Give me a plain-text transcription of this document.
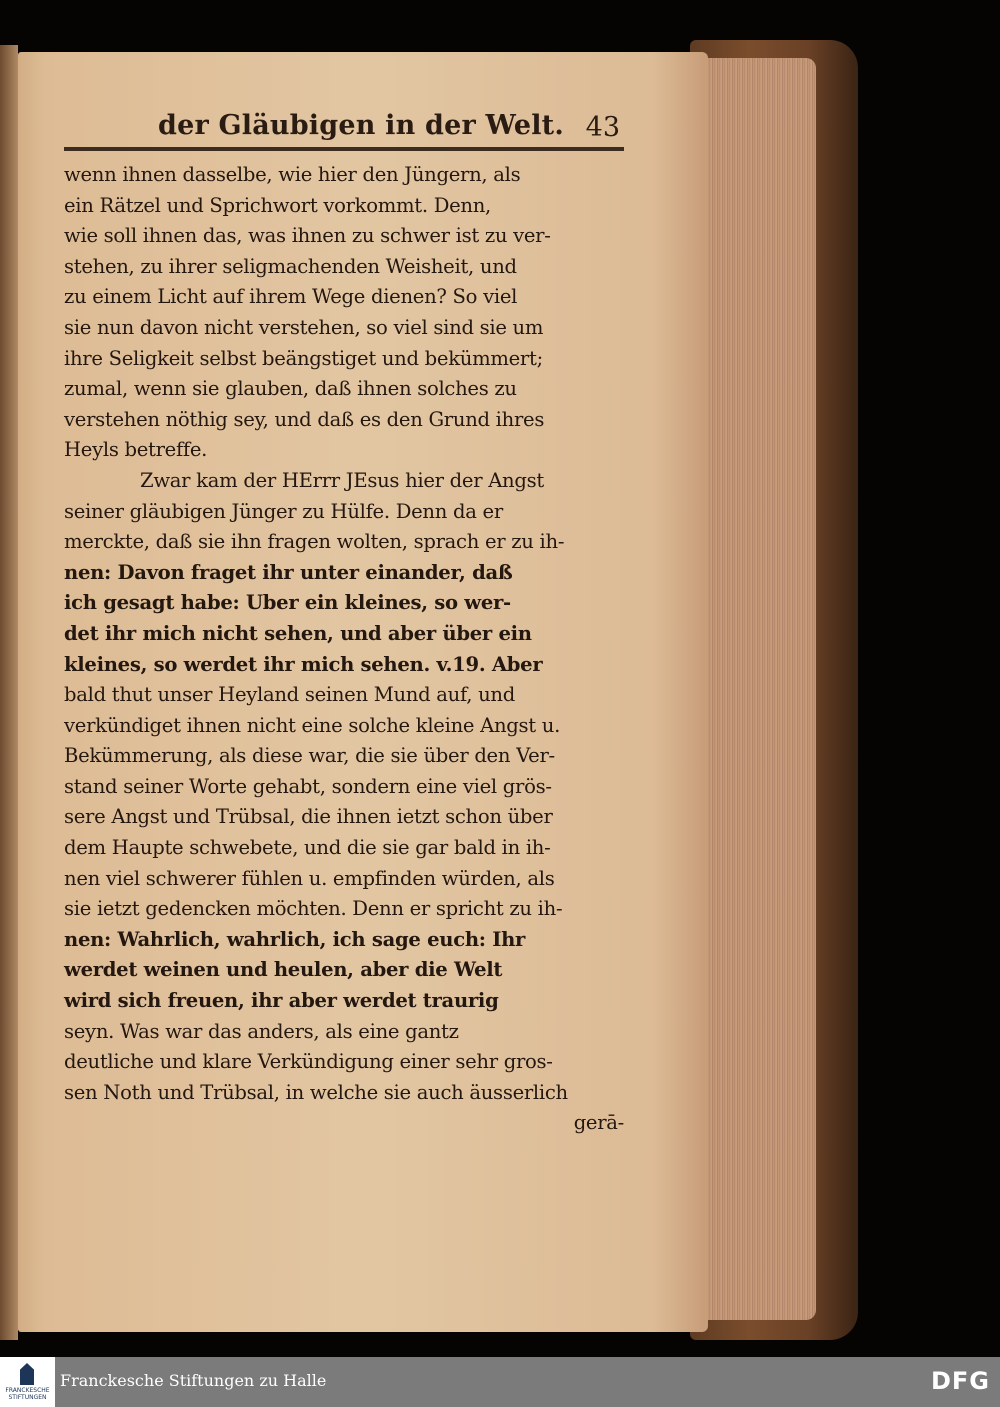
der Gläubigen in der Welt. 43
wenn ihnen dasselbe, wie hier den Jüngern, als
ein Rätzel und Sprichwort vorkommt. Denn,
wie soll ihnen das, was ihnen zu schwer ist zu ver-
stehen, zu ihrer seligmachenden Weisheit, und
zu einem Licht auf ihrem Wege dienen? So viel
sie nun davon nicht verstehen, so viel sind sie um
ihre Seligkeit selbst beängstiget und bekümmert;
zumal, wenn sie glauben, daß ihnen solches zu
verstehen nöthig sey, und daß es den Grund ihres
Heyls betreffe.
Zwar kam der HErrr JEsus hier der Angst
seiner gläubigen Jünger zu Hülfe. Denn da er
merckte, daß sie ihn fragen wolten, sprach er zu ih-
nen: Davon fraget ihr unter einander, daß
ich gesagt habe: Uber ein kleines, so wer-
det ihr mich nicht sehen, und aber über ein
kleines, so werdet ihr mich sehen. v.19. Aber
bald thut unser Heyland seinen Mund auf, und
verkündiget ihnen nicht eine solche kleine Angst u.
Bekümmerung, als diese war, die sie über den Ver-
stand seiner Worte gehabt, sondern eine viel grös-
sere Angst und Trübsal, die ihnen ietzt schon über
dem Haupte schwebete, und die sie gar bald in ih-
nen viel schwerer fühlen u. empfinden würden, als
sie ietzt gedencken möchten. Denn er spricht zu ih-
nen: Wahrlich, wahrlich, ich sage euch: Ihr
werdet weinen und heulen, aber die Welt
wird sich freuen, ihr aber werdet traurig
seyn. Was war das anders, als eine gantz
deutliche und klare Verkündigung einer sehr gros-
sen Noth und Trübsal, in welche sie auch äusserlich
gerā-
FRANCKESCHE STIFTUNGEN
Franckesche Stiftungen zu Halle	DFG
